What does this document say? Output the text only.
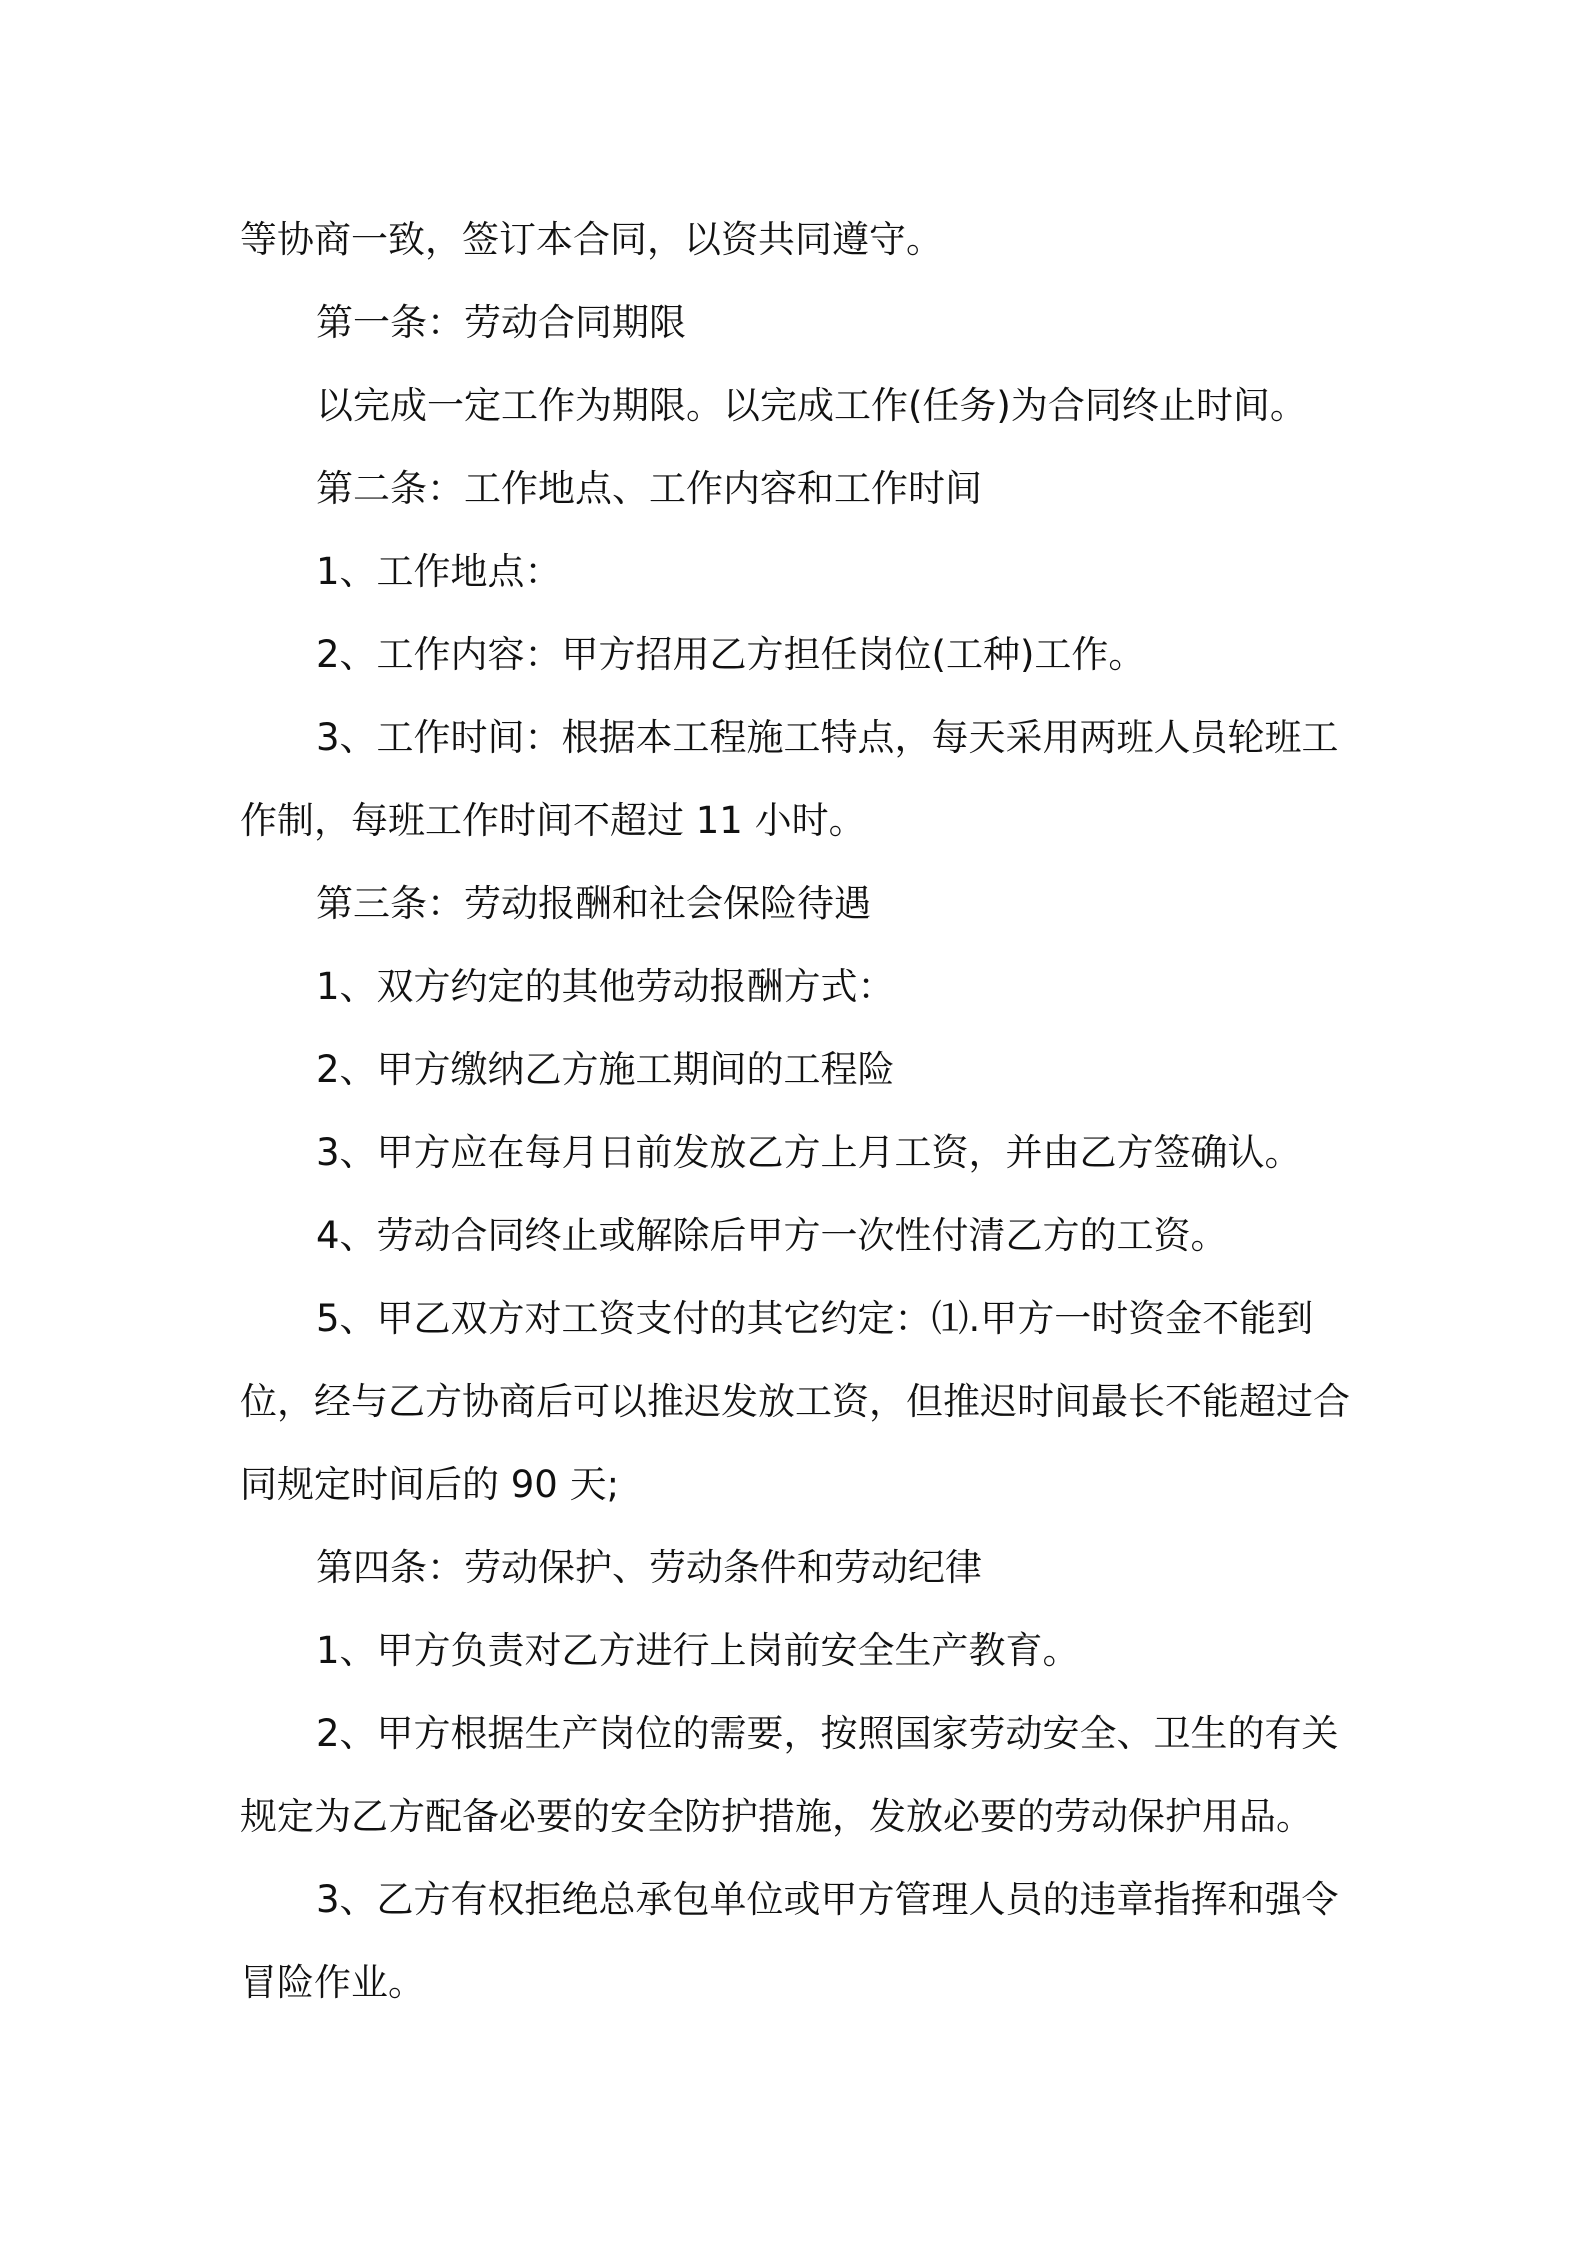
等协商一致，签订本合同，以资共同遵守。

第一条：劳动合同期限

以完成一定工作为期限。以完成工作(任务)为合同终止时间。

第二条：工作地点、工作内容和工作时间

1、工作地点：

2、工作内容：甲方招用乙方担任岗位(工种)工作。

3、工作时间：根据本工程施工特点，每天采用两班人员轮班工作制，每班工作时间不超过 11 小时。

第三条：劳动报酬和社会保险待遇

1、双方约定的其他劳动报酬方式：

2、甲方缴纳乙方施工期间的工程险

3、甲方应在每月日前发放乙方上月工资，并由乙方签确认。

4、劳动合同终止或解除后甲方一次性付清乙方的工资。

5、甲乙双方对工资支付的其它约定：⑴.甲方一时资金不能到位，经与乙方协商后可以推迟发放工资，但推迟时间最长不能超过合同规定时间后的 90 天;

第四条：劳动保护、劳动条件和劳动纪律

1、甲方负责对乙方进行上岗前安全生产教育。

2、甲方根据生产岗位的需要，按照国家劳动安全、卫生的有关规定为乙方配备必要的安全防护措施，发放必要的劳动保护用品。

3、乙方有权拒绝总承包单位或甲方管理人员的违章指挥和强令冒险作业。
